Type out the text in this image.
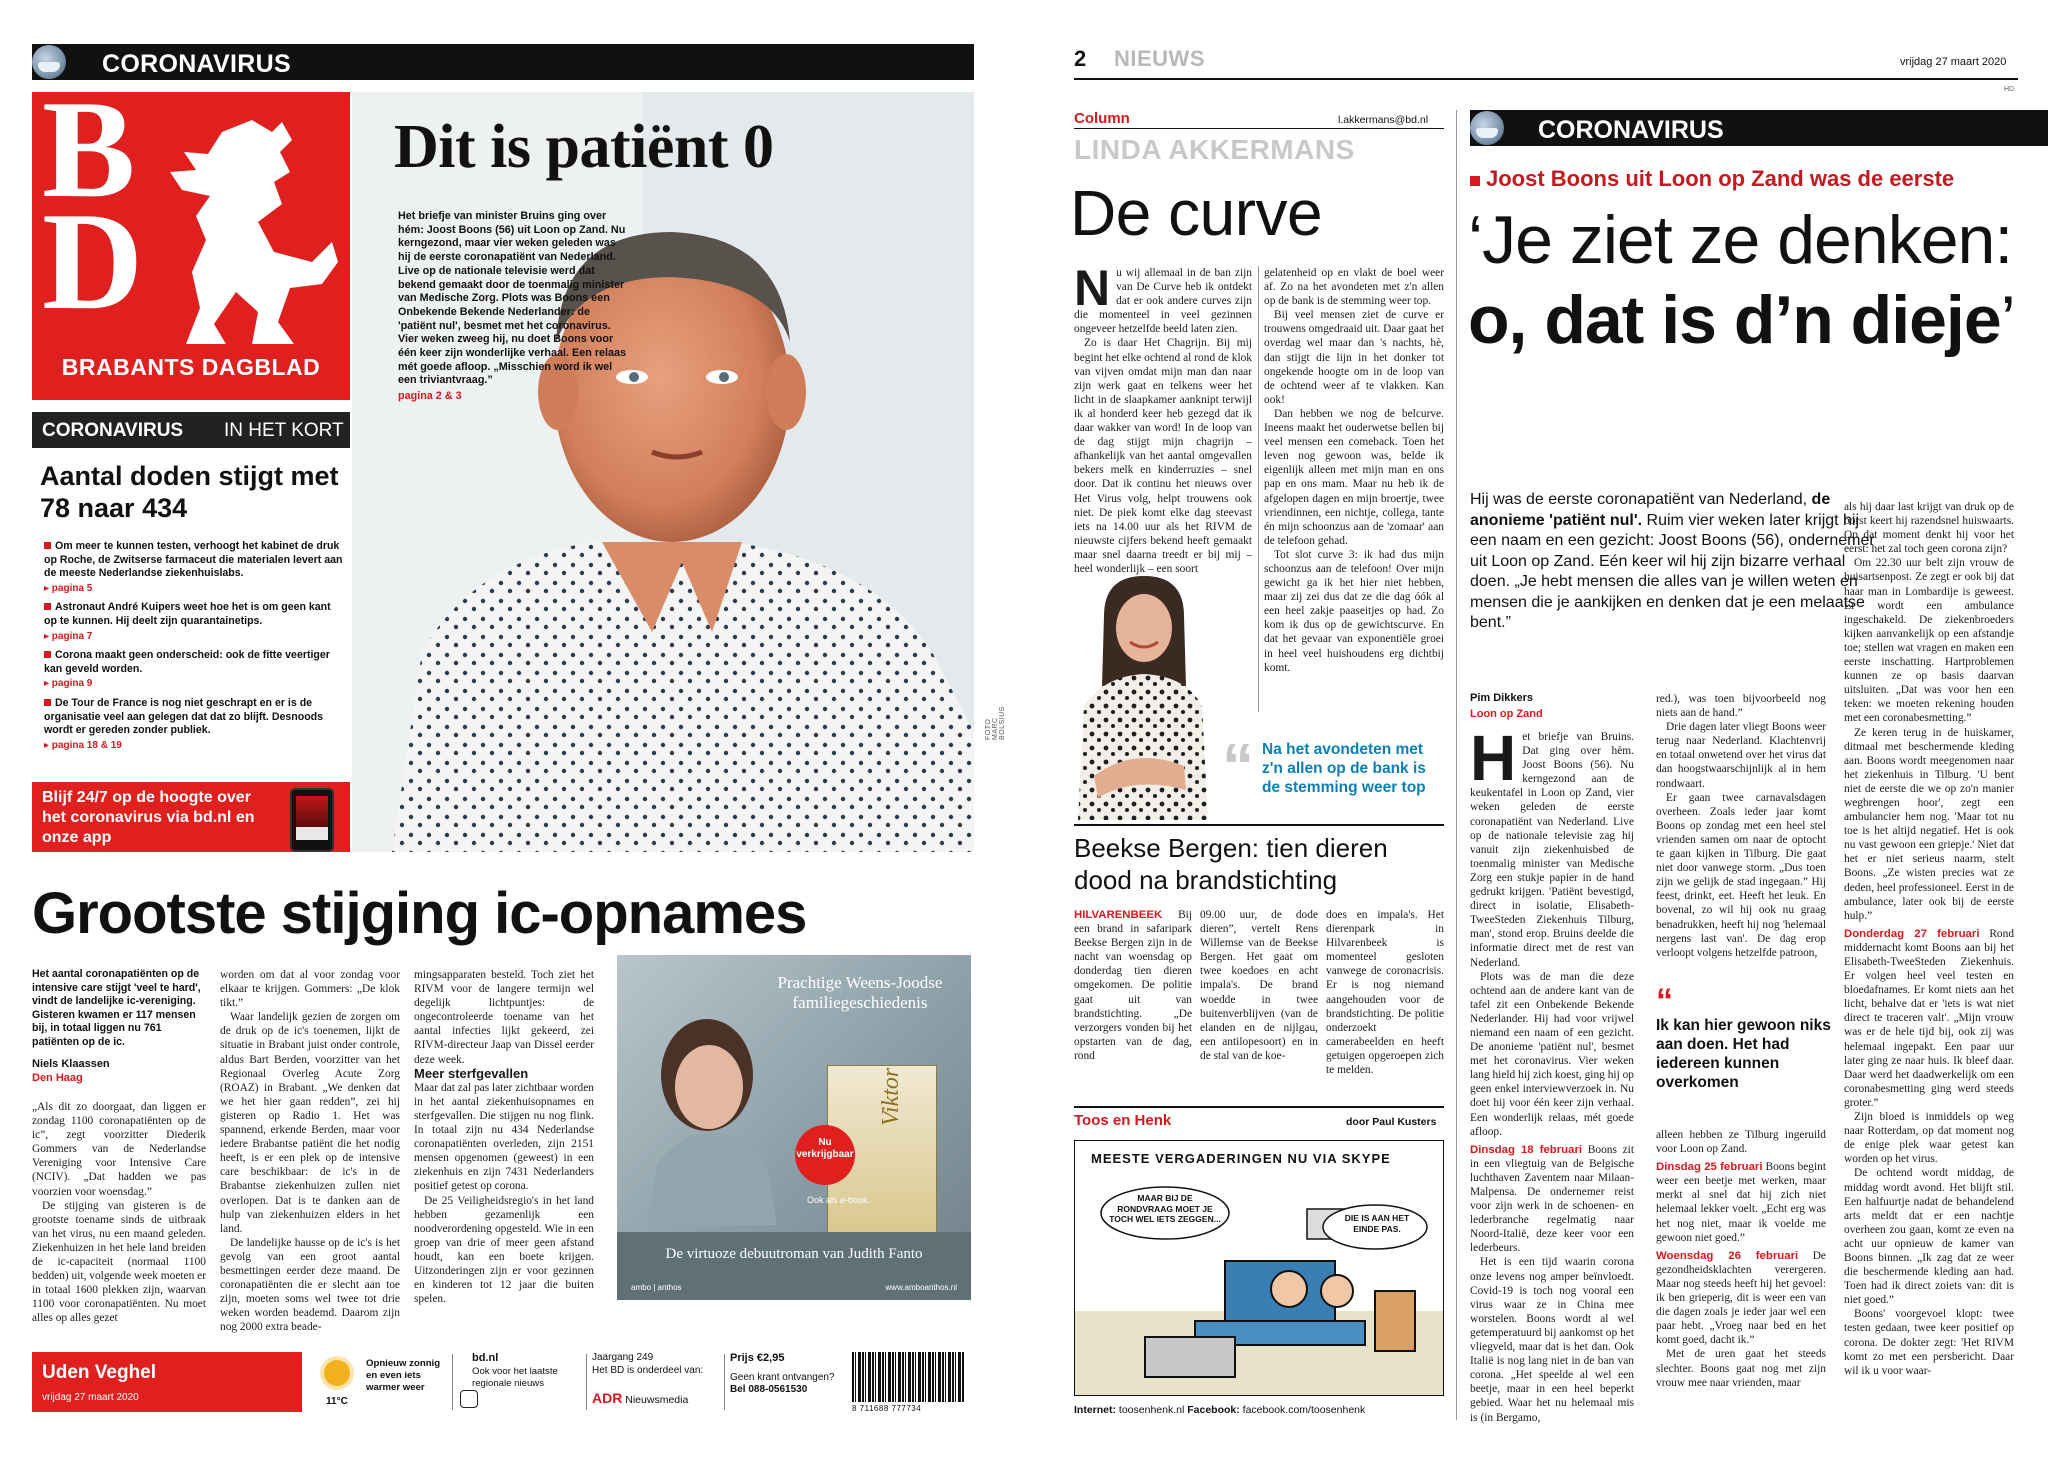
CORONAVIRUS
B
D
BRABANTS DAGBLAD
CORONAVIRUS IN HET KORT
Aantal doden stijgt met 78 naar 434
Om meer te kunnen testen, verhoogt het kabinet de druk op Roche, de Zwitserse farmaceut die materialen levert aan de meeste Nederlandse ziekenhuislabs.
▸ pagina 5
Astronaut André Kuipers weet hoe het is om geen kant op te kunnen. Hij deelt zijn quarantainetips.
▸ pagina 7
Corona maakt geen onderscheid: ook de fitte veertiger kan geveld worden.
▸ pagina 9
De Tour de France is nog niet geschrapt en er is de organisatie veel aan gelegen dat dat zo blijft. Desnoods wordt er gereden zonder publiek.
▸ pagina 18 & 19
Blijf 24/7 op de hoogte over het coronavirus via bd.nl en onze app
Dit is patiënt 0
Het briefje van minister Bruins ging over hém: Joost Boons (56) uit Loon op Zand. Nu kerngezond, maar vier weken geleden was hij de eerste coronapatiënt van Nederland. Live op de nationale televisie werd dat bekend gemaakt door de toenmalig minister van Medische Zorg. Plots was Boons een Onbekende Bekende Nederlander: de 'patiënt nul', besmet met het coronavirus. Vier weken zweeg hij, nu doet Boons voor één keer zijn wonderlijke verhaal. Een relaas mét goede afloop. „Misschien word ik wel een triviantvraag.”
pagina 2 & 3
FOTO MARC BOLSIUS
Grootste stijging ic-opnames
Het aantal coronapatiënten op de intensive care stijgt 'veel te hard', vindt de landelijke ic-vereniging. Gisteren kwamen er 117 mensen bij, in totaal liggen nu 761 patiënten op de ic.
Niels Klaassen
Den Haag

„Als dit zo doorgaat, dan liggen er zondag 1100 coronapatiënten op de ic”, zegt voorzitter Diederik Gommers van de Nederlandse Vereniging voor Intensive Care (NCIV). „Dat hadden we pas voorzien voor woensdag.”

De stijging van gisteren is de grootste toename sinds de uitbraak van het virus, nu een maand geleden. Ziekenhuizen in het hele land breiden de ic-capaciteit (normaal 1100 bedden) uit, volgende week moeten er in totaal 1600 plekken zijn, waarvan 1100 voor coronapatiënten. Nu moet alles op alles gezet

worden om dat al voor zondag voor elkaar te krijgen. Gommers: „De klok tikt.”

Waar landelijk gezien de zorgen om de druk op de ic's toenemen, lijkt de situatie in Brabant juist onder controle, aldus Bart Berden, voorzitter van het Regionaal Overleg Acute Zorg (ROAZ) in Brabant. „We denken dat we het hier gaan redden”, zei hij gisteren op Radio 1. Het was spannend, erkende Berden, maar voor iedere Brabantse patiënt die het nodig heeft, is er een plek op de intensive care beschikbaar: de ic's in de Brabantse ziekenhuizen zullen niet overlopen. Dat is te danken aan de hulp van ziekenhuizen elders in het land.

De landelijke hausse op de ic's is het gevolg van een groot aantal besmettingen eerder deze maand. De coronapatiënten die er slecht aan toe zijn, moeten soms wel twee tot drie weken worden beademd. Daarom zijn nog 2000 extra beade-

mingsapparaten besteld. Toch ziet het RIVM voor de langere termijn wel degelijk lichtpuntjes: de ongecontroleerde toename van het aantal infecties lijkt gekeerd, zei RIVM-directeur Jaap van Dissel eerder deze week.

Meer sterfgevallen

Maar dat zal pas later zichtbaar worden in het aantal ziekenhuisopnames en sterfgevallen. Die stijgen nu nog flink. In totaal zijn nu 434 Nederlandse coronapatiënten overleden, zijn 2151 mensen opgenomen (geweest) in een ziekenhuis en zijn 7431 Nederlanders positief getest op corona.

De 25 Veiligheidsregio's in het land hebben gezamenlijk een noodverordening opgesteld. Wie in een groep van drie of meer geen afstand houdt, kan een boete krijgen. Uitzonderingen zijn er voor gezinnen en kinderen tot 12 jaar die buiten spelen.

Prachtige Weens-Joodse familiegeschiedenis
Viktor
Nu verkrijgbaar
Ook als e-book.
De virtuoze debuutroman van Judith Fanto
ambo | anthos	www.amboanthos.nl
Uden Veghel
vrijdag 27 maart 2020	11°C
Opnieuw zonnig en even iets warmer weer
bd.nl
Ook voor het laatste regionale nieuws
Jaargang 249
Het BD is onderdeel van:
ADR Nieuwsmedia
Prijs €2,95
Geen krant ontvangen?
Bel 088-0561530
8 711688 777734
2 NIEUWS	vrijdag 27 maart 2020
HD
Column	l.akkermans@bd.nl
LINDA AKKERMANS
De curve

Nu wij allemaal in de ban zijn van De Curve heb ik ontdekt dat er ook andere curves zijn die momenteel in veel gezinnen ongeveer hetzelfde beeld laten zien.

Zo is daar Het Chagrijn. Bij mij begint het elke ochtend al rond de klok van vijven omdat mijn man dan naar zijn werk gaat en telkens weer het licht in de slaapkamer aanknipt terwijl ik al honderd keer heb gezegd dat ik daar wakker van word! In de loop van de dag stijgt mijn chagrijn – afhankelijk van het aantal omgevallen bekers melk en kinderruzies – snel door. Dat ik continu het nieuws over Het Virus volg, helpt trouwens ook niet. De piek komt elke dag steevast iets na 14.00 uur als het RIVM de nieuwste cijfers bekend heeft gemaakt maar snel daarna treedt er bij mij – heel wonderlijk – een soort

gelatenheid op en vlakt de boel weer af. Zo na het avondeten met z'n allen op de bank is de stemming weer top.

Bij veel mensen ziet de curve er trouwens omgedraaid uit. Daar gaat het overdag wel maar dan 's nachts, hè, dan stijgt die lijn in het donker tot ongekende hoogte om in de loop van de ochtend weer af te vlakken. Kan ook!

Dan hebben we nog de belcurve. Ineens maakt het ouderwetse bellen bij veel mensen een comeback. Toen het leven nog gewoon was, belde ik eigenlijk alleen met mijn man en ons pap en ons mam. Maar nu heb ik de afgelopen dagen en mijn broertje, twee vriendinnen, een nichtje, collega, tante én mijn schoonzus aan de 'zomaar' aan de telefoon gehad.

Tot slot curve 3: ik had dus mijn schoonzus aan de telefoon! Over mijn gewicht ga ik het hier niet hebben, maar zij zei dus dat ze die dag óók al een heel zakje paaseitjes op had. Zo kom ik dus op de gewichtscurve. En dat het gevaar van exponentiële groei in heel veel huishoudens erg dichtbij komt.

“ Na het avondeten met z'n allen op de bank is de stemming weer top
Beekse Bergen: tien dieren dood na brandstichting

HILVARENBEEK Bij een brand in safaripark Beekse Bergen zijn in de nacht van woensdag op donderdag tien dieren omgekomen. De politie gaat uit van brandstichting. „De verzorgers vonden bij het opstarten van de dag, rond

09.00 uur, de dode dieren”, vertelt Rens Willemse van de Beekse Bergen. Het gaat om twee koedoes en acht impala's. De brand woedde in twee buitenverblijven (van de elanden en de nijlgau, een antilopesoort) en in de stal van de koe-

does en impala's. Het dierenpark in Hilvarenbeek is momenteel gesloten vanwege de coronacrisis. Er is nog niemand aangehouden voor de brandstichting. De politie onderzoekt camerabeelden en heeft getuigen opgeroepen zich te melden.

Toos en Henk	door Paul Kusters
MEESTE VERGADERINGEN NU VIA SKYPE
MAAR BIJ DE RONDVRAAG MOET JE TOCH WEL IETS ZEGGEN...	DIE IS AAN HET EINDE PAS.
Internet: toosenhenk.nl Facebook: facebook.com/toosenhenk
CORONAVIRUS
Joost Boons uit Loon op Zand was de eerste
‘Je ziet ze denken: o, dat is d’n dieje’
Hij was de eerste coronapatiënt van Nederland, de anonieme 'patiënt nul'. Ruim vier weken later krijgt hij een naam en een gezicht: Joost Boons (56), ondernemer uit Loon op Zand. Eén keer wil hij zijn bizarre verhaal doen. „Je hebt mensen die alles van je willen weten en mensen die je aankijken en denken dat je een melaatse bent.”
Pim Dikkers
Loon op Zand

Het briefje van Bruins. Dat ging over hèm. Joost Boons (56). Nu kerngezond aan de keukentafel in Loon op Zand, vier weken geleden de eerste coronapatiënt van Nederland. Live op de nationale televisie zag hij vanuit zijn ziekenhuisbed de toenmalig minister van Medische Zorg een stukje papier in de hand gedrukt krijgen. 'Patiënt bevestigd, direct in isolatie, Elisabeth-TweeSteden Ziekenhuis Tilburg, man', stond erop. Bruins deelde die informatie direct met de rest van Nederland.

Plots was de man die deze ochtend aan de andere kant van de tafel zit een Onbekende Bekende Nederlander. Hij had voor vrijwel niemand een naam of een gezicht. De anonieme 'patiënt nul', besmet met het coronavirus. Vier weken lang hield hij zich koest, ging hij op geen enkel interviewverzoek in. Nu doet hij voor één keer zijn verhaal. Een wonderlijk relaas, mét goede afloop.

Dinsdag 18 februari Boons zit in een vliegtuig van de Belgische luchthaven Zaventem naar Milaan-Malpensa. De ondernemer reist voor zijn werk in de schoenen- en lederbranche regelmatig naar Noord-Italië, deze keer voor een lederbeurs.

Het is een tijd waarin corona onze levens nog amper beïnvloedt. Covid-19 is toch nog vooral een virus waar ze in China mee worstelen. Boons wordt al wel getemperatuurd bij aankomst op het vliegveld, maar dat is het dan. Ook Italië is nog lang niet in de ban van corona. „Het speelde al wel een beetje, maar in een heel beperkt gebied. Waar het nu helemaal mis is (in Bergamo,

red.), was toen bijvoorbeeld nog niets aan de hand.”

Drie dagen later vliegt Boons weer terug naar Nederland. Klachtenvrij en totaal onwetend over het virus dat dan hoogstwaarschijnlijk al in hem rondwaart.

Er gaan twee carnavalsdagen overheen. Zoals ieder jaar komt Boons op zondag met een heel stel vrienden samen om naar de optocht te gaan kijken in Tilburg. Die gaat niet door vanwege storm. „Dus toen zijn we gelijk de stad ingegaan.” Hij feest, drinkt, eet. Heeft het leuk. En bovenal, zo wil hij ook nu graag benadrukken, heeft hij nog 'helemaal nergens last van'. De dag erop verloopt volgens hetzelfde patroon,

“
Ik kan hier gewoon niks aan doen. Het had iedereen kunnen overkomen

alleen hebben ze Tilburg ingeruild voor Loon op Zand.

Dinsdag 25 februari Boons begint weer een beetje met werken, maar merkt al snel dat hij zich niet helemaal lekker voelt. „Echt erg was het nog niet, maar ik voelde me gewoon niet goed.”

Woensdag 26 februari De gezondheidsklachten verergeren. Maar nog steeds heeft hij het gevoel: ik ben grieperig, dit is weer een van die dagen zoals je ieder jaar wel een paar hebt. „Vroeg naar bed en het komt goed, dacht ik.”

Met de uren gaat het steeds slechter. Boons gaat nog met zijn vrouw mee naar vrienden, maar

als hij daar last krijgt van druk op de borst keert hij razendsnel huiswaarts. Op dat moment denkt hij voor het eerst: het zal toch geen corona zijn?

Om 22.30 uur belt zijn vrouw de huisartsenpost. Ze zegt er ook bij dat haar man in Lombardije is geweest. Er wordt een ambulance ingeschakeld. De ziekenbroeders kijken aanvankelijk op een afstandje toe; stellen wat vragen en maken een eerste inschatting. Hartproblemen kunnen ze op basis daarvan uitsluiten. „Dat was voor hen een teken: we moeten rekening houden met een coronabesmetting.”

Ze keren terug in de huiskamer, ditmaal met beschermende kleding aan. Boons wordt meegenomen naar het ziekenhuis in Tilburg. 'U bent niet de eerste die we op zo'n manier wegbrengen hoor', zegt een ambulancier hem nog. 'Maar tot nu toe is het altijd negatief. Het is ook nu vast gewoon een griepje.' Niet dat het er niet serieus naarm, stelt Boons. „Ze wisten precies wat ze deden, heel professioneel. Eerst in de ambulance, later ook bij de eerste hulp.”

Donderdag 27 februari Rond middernacht komt Boons aan bij het Elisabeth-TweeSteden Ziekenhuis. Er volgen heel veel testen en bloedafnames. Er komt niets aan het licht, behalve dat er 'iets is wat niet direct te traceren valt'. „Mijn vrouw was er de hele tijd bij, ook zij was helemaal ingepakt. Een paar uur later ging ze naar huis. Ik bleef daar. Daar werd het daadwerkelijk om een coronabesmetting ging werd steeds groter.”

Zijn bloed is inmiddels op weg naar Rotterdam, op dat moment nog de enige plek waar getest kan worden op het virus.

De ochtend wordt middag, de middag wordt avond. Het blijft stil. Een halfuurtje nadat de behandelend arts meldt dat er een nachtje overheen zou gaan, komt ze even na acht uur opnieuw de kamer van Boons binnen. „Ik zag dat ze weer die beschermende kleding aan had. Toen had ik direct zoiets van: dit is niet goed.”

Boons' voorgevoel klopt: twee testen gedaan, twee keer positief op corona. De dokter zegt: 'Het RIVM komt zo met een persbericht. Daar wil ik u voor waar-
